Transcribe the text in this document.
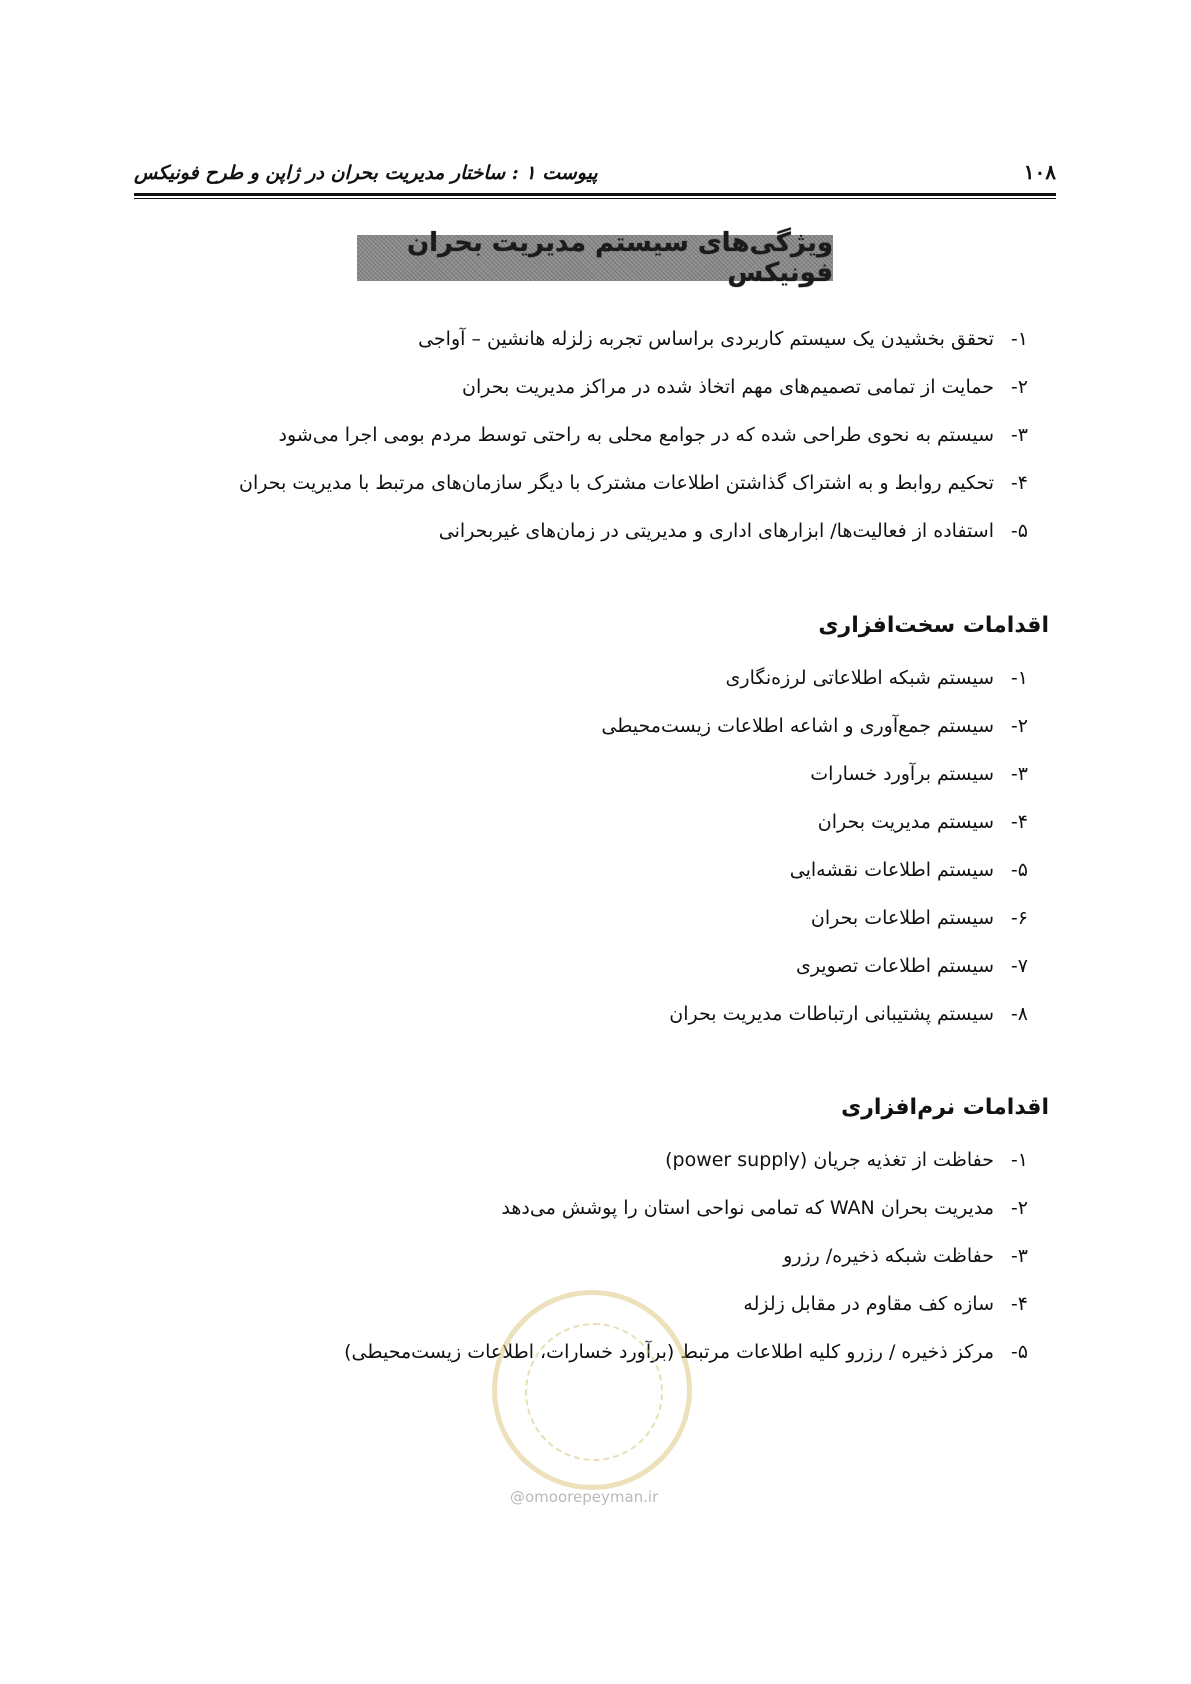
۱۰۸
پیوست ۱ : ساختار مدیریت بحران در ژاپن و طرح فونیکس
ویژگی‌های سیستم مدیریت بحران فونیکس
۱-تحقق بخشیدن یک سیستم کاربردی براساس تجربه زلزله هانشین – آواجی
۲-حمایت از تمامی تصمیم‌های مهم اتخاذ شده در مراکز مدیریت بحران
۳-سیستم به نحوی طراحی شده که در جوامع محلی به راحتی توسط مردم بومی اجرا می‌شود
۴-تحکیم روابط و به اشتراک گذاشتن اطلاعات مشترک با دیگر سازمان‌های مرتبط با مدیریت بحران
۵-استفاده از فعالیت‌ها/ ابزارهای اداری و مدیریتی در زمان‌های غیربحرانی
اقدامات سخت‌افزاری
۱-سیستم شبکه اطلاعاتی لرزه‌نگاری
۲-سیستم جمع‌آوری و اشاعه اطلاعات زیست‌محیطی
۳-سیستم برآورد خسارات
۴-سیستم مدیریت بحران
۵-سیستم اطلاعات نقشه‌ایی
۶-سیستم اطلاعات بحران
۷-سیستم اطلاعات تصویری
۸-سیستم پشتیبانی ارتباطات مدیریت بحران
اقدامات نرم‌افزاری
۱-حفاظت از تغذیه جریان (power supply)
۲-مدیریت بحران WAN که تمامی نواحی استان را پوشش می‌دهد
۳-حفاظت شبکه ذخیره/ رزرو
۴-سازه کف مقاوم در مقابل زلزله
۵-مرکز ذخیره / رزرو کلیه اطلاعات مرتبط (برآورد خسارات، اطلاعات زیست‌محیطی)
@omoorepeyman.ir
